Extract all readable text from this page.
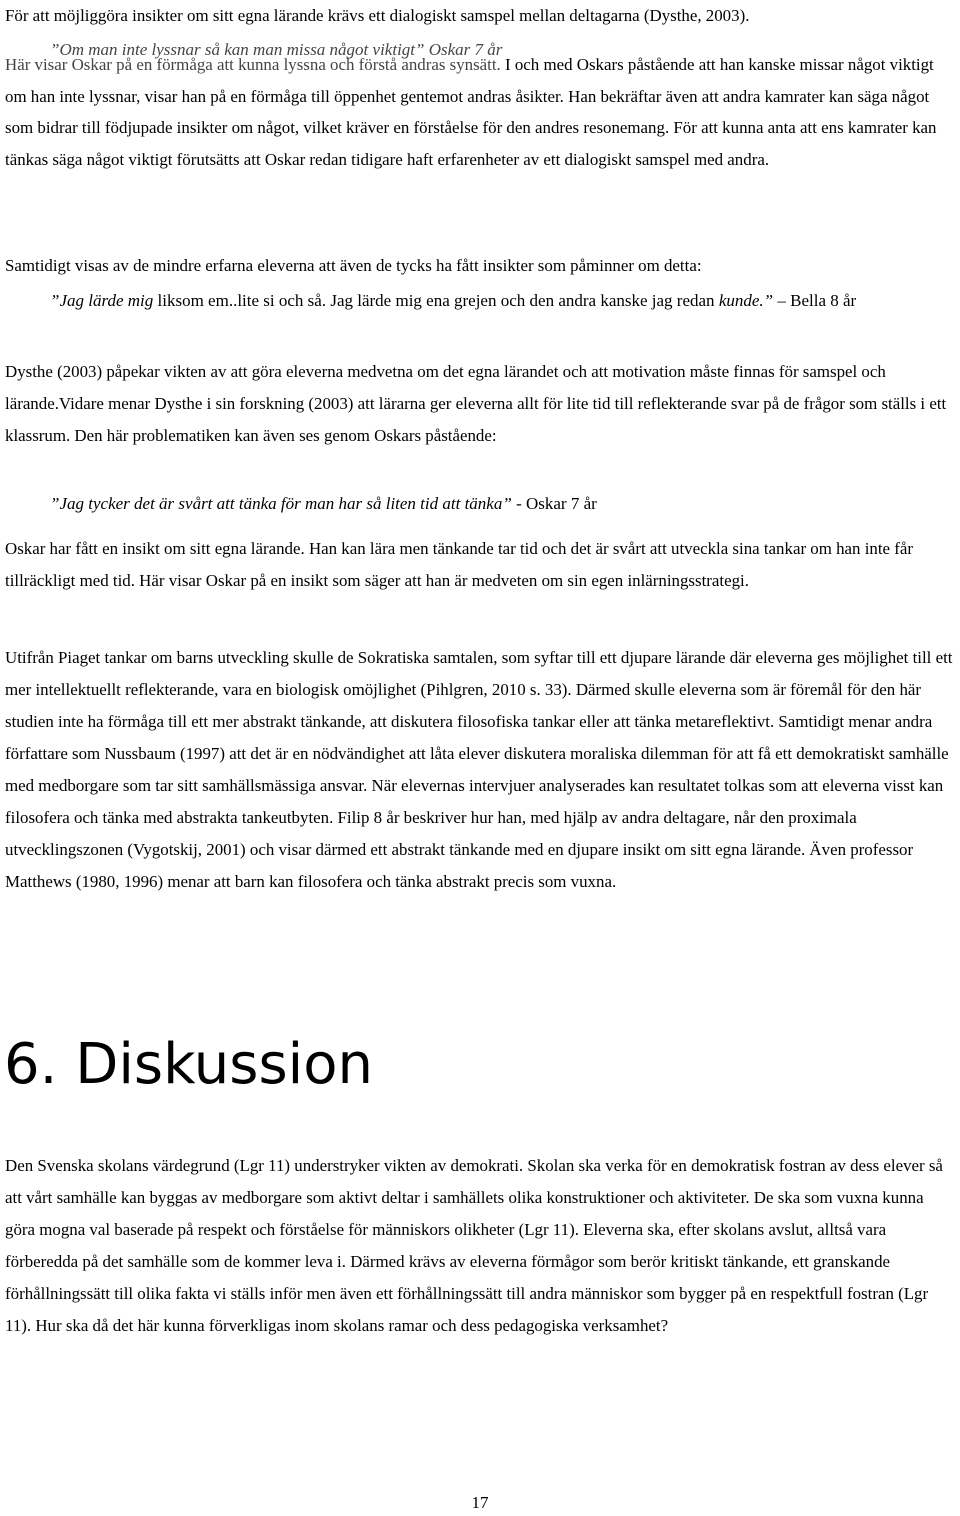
För att möjliggöra insikter om sitt egna lärande krävs ett dialogiskt samspel mellan deltagarna (Dysthe, 2003).

”Om man inte lyssnar så kan man missa något viktigt” Oskar 7 år

Här visar Oskar på en förmåga att kunna lyssna och förstå andras synsätt. I och med Oskars påstående att han kanske missar något viktigt om han inte lyssnar, visar han på en förmåga till öppenhet gentemot andras åsikter. Han bekräftar även att andra kamrater kan säga något som bidrar till födjupade insikter om något, vilket kräver en förståelse för den andres resonemang. För att kunna anta att ens kamrater kan tänkas säga något viktigt förutsätts att Oskar redan tidigare haft erfarenheter av ett dialogiskt samspel med andra.

Samtidigt visas av de mindre erfarna eleverna att även de tycks ha fått insikter som påminner om detta:

”Jag lärde mig liksom em..lite si och så. Jag lärde mig ena grejen och den andra kanske jag redan kunde.” – Bella 8 år

Dysthe (2003) påpekar vikten av att göra eleverna medvetna om det egna lärandet och att motivation måste finnas för samspel och lärande.Vidare menar Dysthe i sin forskning (2003) att lärarna ger eleverna allt för lite tid till reflekterande svar på de frågor som ställs i ett klassrum. Den här problematiken kan även ses genom Oskars påstående:

”Jag tycker det är svårt att tänka för man har så liten tid att tänka” - Oskar 7 år

Oskar har fått en insikt om sitt egna lärande. Han kan lära men tänkande tar tid och det är svårt att utveckla sina tankar om han inte får tillräckligt med tid. Här visar Oskar på en insikt som säger att han är medveten om sin egen inlärningsstrategi.

Utifrån Piaget tankar om barns utveckling skulle de Sokratiska samtalen, som syftar till ett djupare lärande där eleverna ges möjlighet till ett mer intellektuellt reflekterande, vara en biologisk omöjlighet (Pihlgren, 2010 s. 33). Därmed skulle eleverna som är föremål för den här studien inte ha förmåga till ett mer abstrakt tänkande, att diskutera filosofiska tankar eller att tänka metareflektivt. Samtidigt menar andra författare som Nussbaum (1997) att det är en nödvändighet att låta elever diskutera moraliska dilemman för att få ett demokratiskt samhälle med medborgare som tar sitt samhällsmässiga ansvar. När elevernas intervjuer analyserades kan resultatet tolkas som att eleverna visst kan filosofera och tänka med abstrakta tankeutbyten. Filip 8 år beskriver hur han, med hjälp av andra deltagare, når den proximala utvecklingszonen (Vygotskij, 2001) och visar därmed ett abstrakt tänkande med en djupare insikt om sitt egna lärande. Även professor Matthews (1980, 1996) menar att barn kan filosofera och tänka abstrakt precis som vuxna.

6. Diskussion

Den Svenska skolans värdegrund (Lgr 11) understryker vikten av demokrati. Skolan ska verka för en demokratisk fostran av dess elever så att vårt samhälle kan byggas av medborgare som aktivt deltar i samhällets olika konstruktioner och aktiviteter. De ska som vuxna kunna göra mogna val baserade på respekt och förståelse för människors olikheter (Lgr 11). Eleverna ska, efter skolans avslut, alltså vara förberedda på det samhälle som de kommer leva i. Därmed krävs av eleverna förmågor som berör kritiskt tänkande, ett granskande förhållningssätt till olika fakta vi ställs inför men även ett förhållningssätt till andra människor som bygger på en respektfull fostran (Lgr 11). Hur ska då det här kunna förverkligas inom skolans ramar och dess pedagogiska verksamhet?

17
